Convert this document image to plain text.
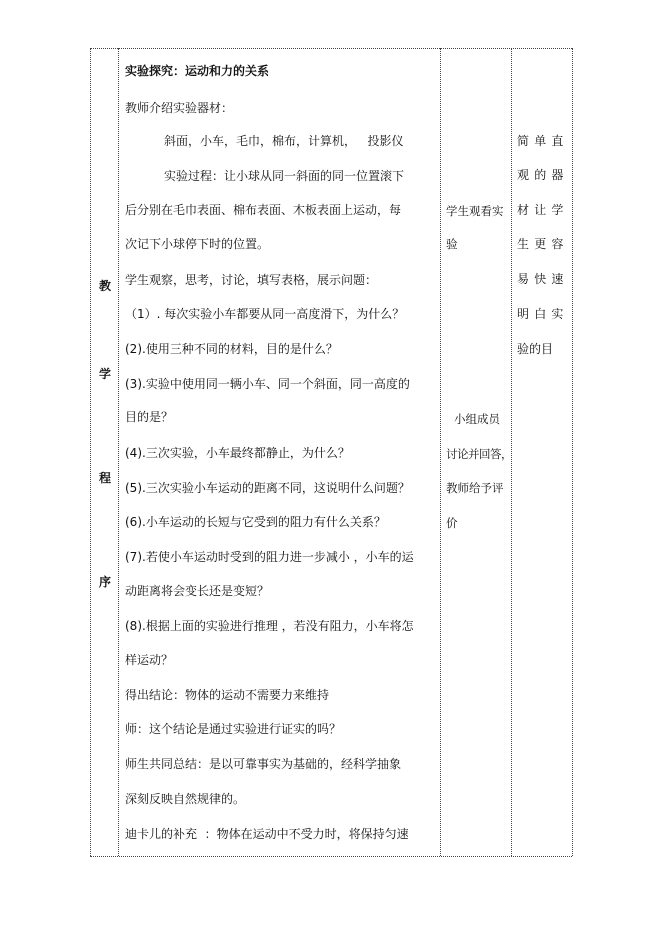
教
学
程
序
实验探究：运动和力的关系
教师介绍实验器材：
斜面，小车，毛巾，棉布，计算机，   投影仪
实验过程：让小球从同一斜面的同一位置滚下
后分别在毛巾表面、棉布表面、木板表面上运动，每
次记下小球停下时的位置。
学生观察，思考，讨论，填写表格，展示问题：
（1）. 每次实验小车都要从同一高度滑下，为什么？
(2).使用三种不同的材料，目的是什么？
(3).实验中使用同一辆小车、同一个斜面，同一高度的
目的是？
(4).三次实验，小车最终都静止，为什么？
(5).三次实验小车运动的距离不同，这说明什么问题？
(6).小车运动的长短与它受到的阻力有什么关系？
(7).若使小车运动时受到的阻力进一步减小 ，小车的运
动距离将会变长还是变短？
(8).根据上面的实验进行推理 ，若没有阻力，小车将怎
样运动？
得出结论：物体的运动不需要力来维持
师：这个结论是通过实验进行证实的吗？
师生共同总结：是以可靠事实为基础的，经科学抽象
深刻反映自然规律的。
迪卡儿的补充  ：物体在运动中不受力时，将保持匀速
学生观看实
验
小组成员
讨论并回答，
教师给予评
价
简单直
观的器
材让学
生更容
易快速
明白实
验的目
